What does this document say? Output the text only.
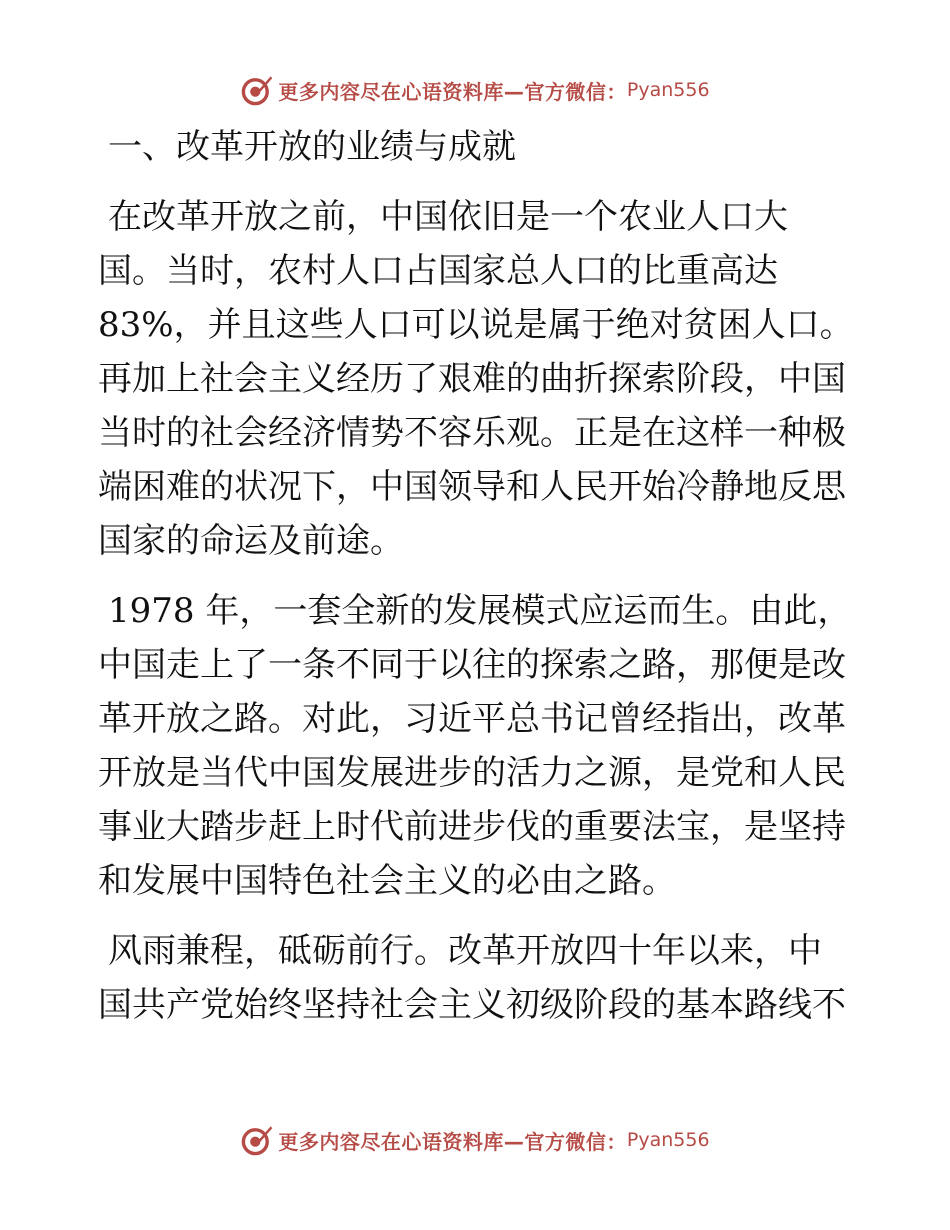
更多内容尽在心语资料库—官方微信： Pyan556
一、改革开放的业绩与成就
在改革开放之前，中国依旧是一个农业人口大
国。当时，农村人口占国家总人口的比重高达
83%，并且这些人口可以说是属于绝对贫困人口。
再加上社会主义经历了艰难的曲折探索阶段，中国
当时的社会经济情势不容乐观。正是在这样一种极
端困难的状况下，中国领导和人民开始冷静地反思
国家的命运及前途。
1978 年，一套全新的发展模式应运而生。由此，
中国走上了一条不同于以往的探索之路，那便是改
革开放之路。对此，习近平总书记曾经指出，改革
开放是当代中国发展进步的活力之源，是党和人民
事业大踏步赶上时代前进步伐的重要法宝，是坚持
和发展中国特色社会主义的必由之路。
风雨兼程，砥砺前行。改革开放四十年以来，中
国共产党始终坚持社会主义初级阶段的基本路线不
更多内容尽在心语资料库—官方微信： Pyan556
